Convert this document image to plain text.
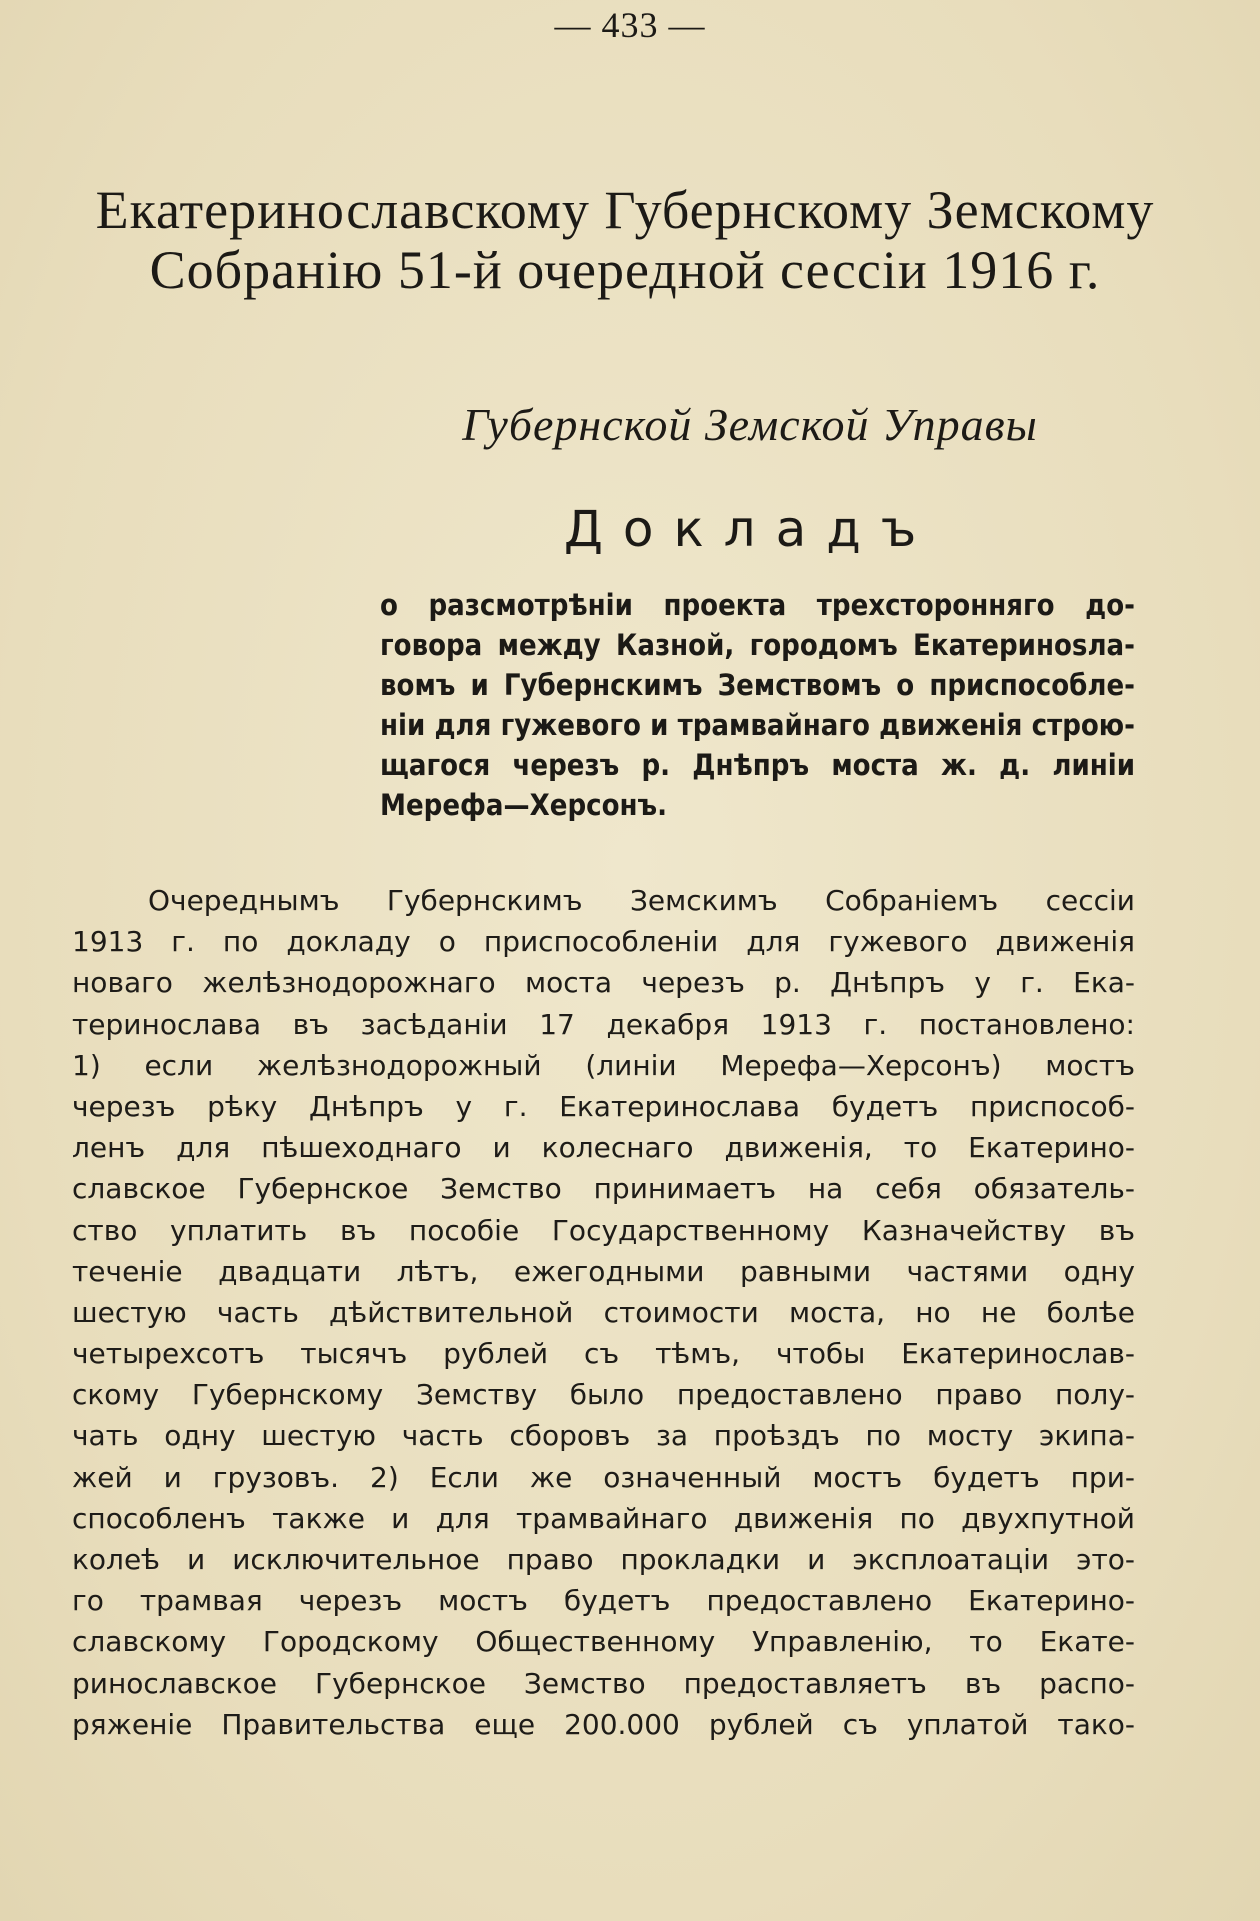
— 433 —
Екатеринославскому Губернскому Земскому
Собранію 51-й очередной сессіи 1916 г.
Губернской Земской Управы
Докладъ
о разсмотрѣніи проекта трехсторонняго до-
говора между Казной, городомъ Екатеринosла-
вомъ и Губернскимъ Земствомъ о приспособле-
ніи для гужевого и трамвайнаго движенія строю-
щагося черезъ р. Днѣпръ моста ж. д. линіи
Мерефа—Херсонъ.
Очереднымъ Губернскимъ Земскимъ Собраніемъ сессіи
1913 г. по докладу о приспособленіи для гужевого движенія
новаго желѣзнодорожнаго моста черезъ р. Днѣпръ у г. Ека-
теринослава въ засѣданіи 17 декабря 1913 г. постановлено:
1) если желѣзнодорожный (линіи Мерефа—Херсонъ) мостъ
черезъ рѣку Днѣпръ у г. Екатеринослава будетъ приспособ-
ленъ для пѣшеходнаго и колеснаго движенія, то Екатерино-
славское Губернское Земство принимаетъ на себя обязатель-
ство уплатить въ пособіе Государственному Казначейству въ
теченіе двадцати лѣтъ, ежегодными равными частями одну
шестую часть дѣйствительной стоимости моста, но не болѣе
четырехсотъ тысячъ рублей съ тѣмъ, чтобы Екатеринослав-
скому Губернскому Земству было предоставлено право полу-
чать одну шестую часть сборовъ за проѣздъ по мосту экипа-
жей и грузовъ. 2) Если же означенный мостъ будетъ при-
способленъ также и для трамвайнаго движенія по двухпутной
колеѣ и исключительное право прокладки и эксплоатаціи это-
го трамвая черезъ мостъ будетъ предоставлено Екатерино-
славскому Городскому Общественному Управленію, то Екате-
ринославское Губернское Земство предоставляетъ въ распо-
ряженіе Правительства еще 200.000 рублей съ уплатой тако-
